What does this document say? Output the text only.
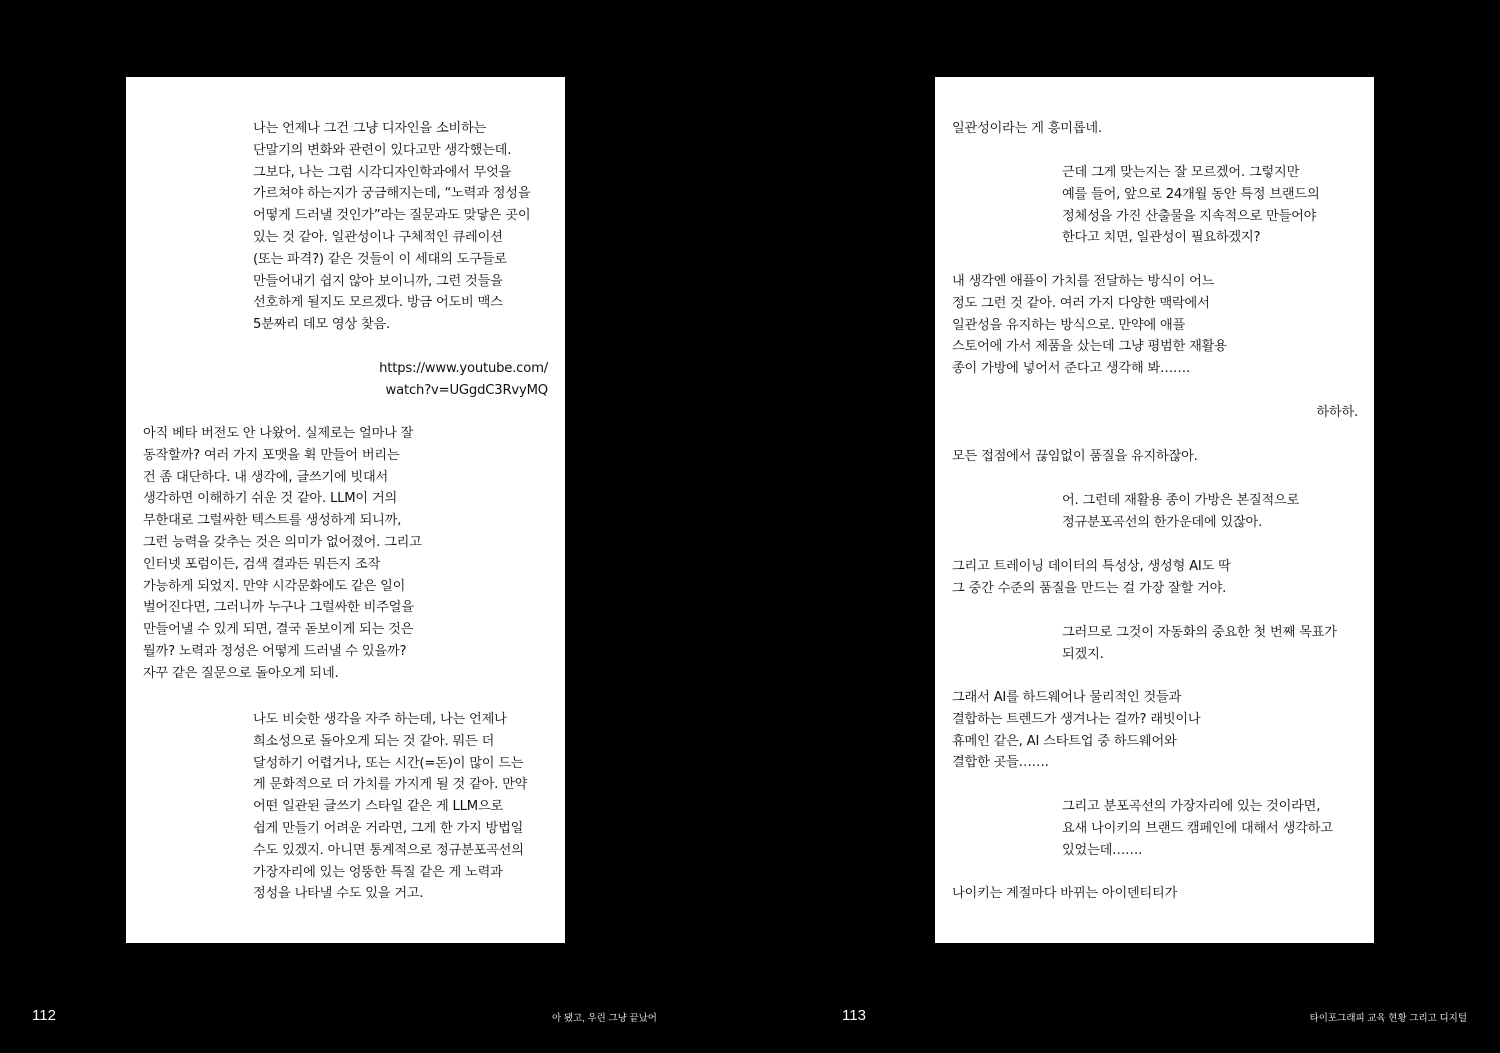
나는 언제나 그건 그냥 디자인을 소비하는
단말기의 변화와 관련이 있다고만 생각했는데.
그보다, 나는 그럼 시각디자인학과에서 무엇을
가르쳐야 하는지가 궁금해지는데, “노력과 정성을
어떻게 드러낼 것인가”라는 질문과도 맞닿은 곳이
있는 것 같아. 일관성이나 구체적인 큐레이션
(또는 파격?) 같은 것들이 이 세대의 도구들로
만들어내기 쉽지 않아 보이니까, 그런 것들을
선호하게 될지도 모르겠다. 방금 어도비 맥스
5분짜리 데모 영상 찾음.

https://www.youtube.com/
watch?v=UGgdC3RvyMQ

아직 베타 버전도 안 나왔어. 실제로는 얼마나 잘
동작할까? 여러 가지 포맷을 휙 만들어 버리는
건 좀 대단하다. 내 생각에, 글쓰기에 빗대서
생각하면 이해하기 쉬운 것 같아. LLM이 거의
무한대로 그럴싸한 텍스트를 생성하게 되니까,
그런 능력을 갖추는 것은 의미가 없어졌어. 그리고
인터넷 포럼이든, 검색 결과든 뭐든지 조작
가능하게 되었지. 만약 시각문화에도 같은 일이
벌어진다면, 그러니까 누구나 그럴싸한 비주얼을
만들어낼 수 있게 되면, 결국 돋보이게 되는 것은
뭘까? 노력과 정성은 어떻게 드러낼 수 있을까?
자꾸 같은 질문으로 돌아오게 되네.

나도 비슷한 생각을 자주 하는데, 나는 언제나
희소성으로 돌아오게 되는 것 같아. 뭐든 더
달성하기 어렵거나, 또는 시간(=돈)이 많이 드는
게 문화적으로 더 가치를 가지게 될 것 같아. 만약
어떤 일관된 글쓰기 스타일 같은 게 LLM으로
쉽게 만들기 어려운 거라면, 그게 한 가지 방법일
수도 있겠지. 아니면 통계적으로 정규분포곡선의
가장자리에 있는 엉뚱한 특질 같은 게 노력과
정성을 나타낼 수도 있을 거고.

일관성이라는 게 흥미롭네.

근데 그게 맞는지는 잘 모르겠어. 그렇지만
예를 들어, 앞으로 24개월 동안 특정 브랜드의
정체성을 가진 산출물을 지속적으로 만들어야
한다고 치면, 일관성이 필요하겠지?

내 생각엔 애플이 가치를 전달하는 방식이 어느
정도 그런 것 같아. 여러 가지 다양한 맥락에서
일관성을 유지하는 방식으로. 만약에 애플
스토어에 가서 제품을 샀는데 그냥 평범한 재활용
종이 가방에 넣어서 준다고 생각해 봐…….

하하하.

모든 접점에서 끊임없이 품질을 유지하잖아.

어. 그런데 재활용 종이 가방은 본질적으로
정규분포곡선의 한가운데에 있잖아.

그리고 트레이닝 데이터의 특성상, 생성형 AI도 딱
그 중간 수준의 품질을 만드는 걸 가장 잘할 거야.

그러므로 그것이 자동화의 중요한 첫 번째 목표가
되겠지.

그래서 AI를 하드웨어나 물리적인 것들과
결합하는 트렌드가 생겨나는 걸까? 래빗이나
휴메인 같은, AI 스타트업 중 하드웨어와
결합한 곳들…….

그리고 분포곡선의 가장자리에 있는 것이라면,
요새 나이키의 브랜드 캠페인에 대해서 생각하고
있었는데…….

나이키는 계절마다 바뀌는 아이덴티티가

112	아 됐고, 우린 그냥 끝났어	113	타이포그래피 교육 현황 그리고 디지털
